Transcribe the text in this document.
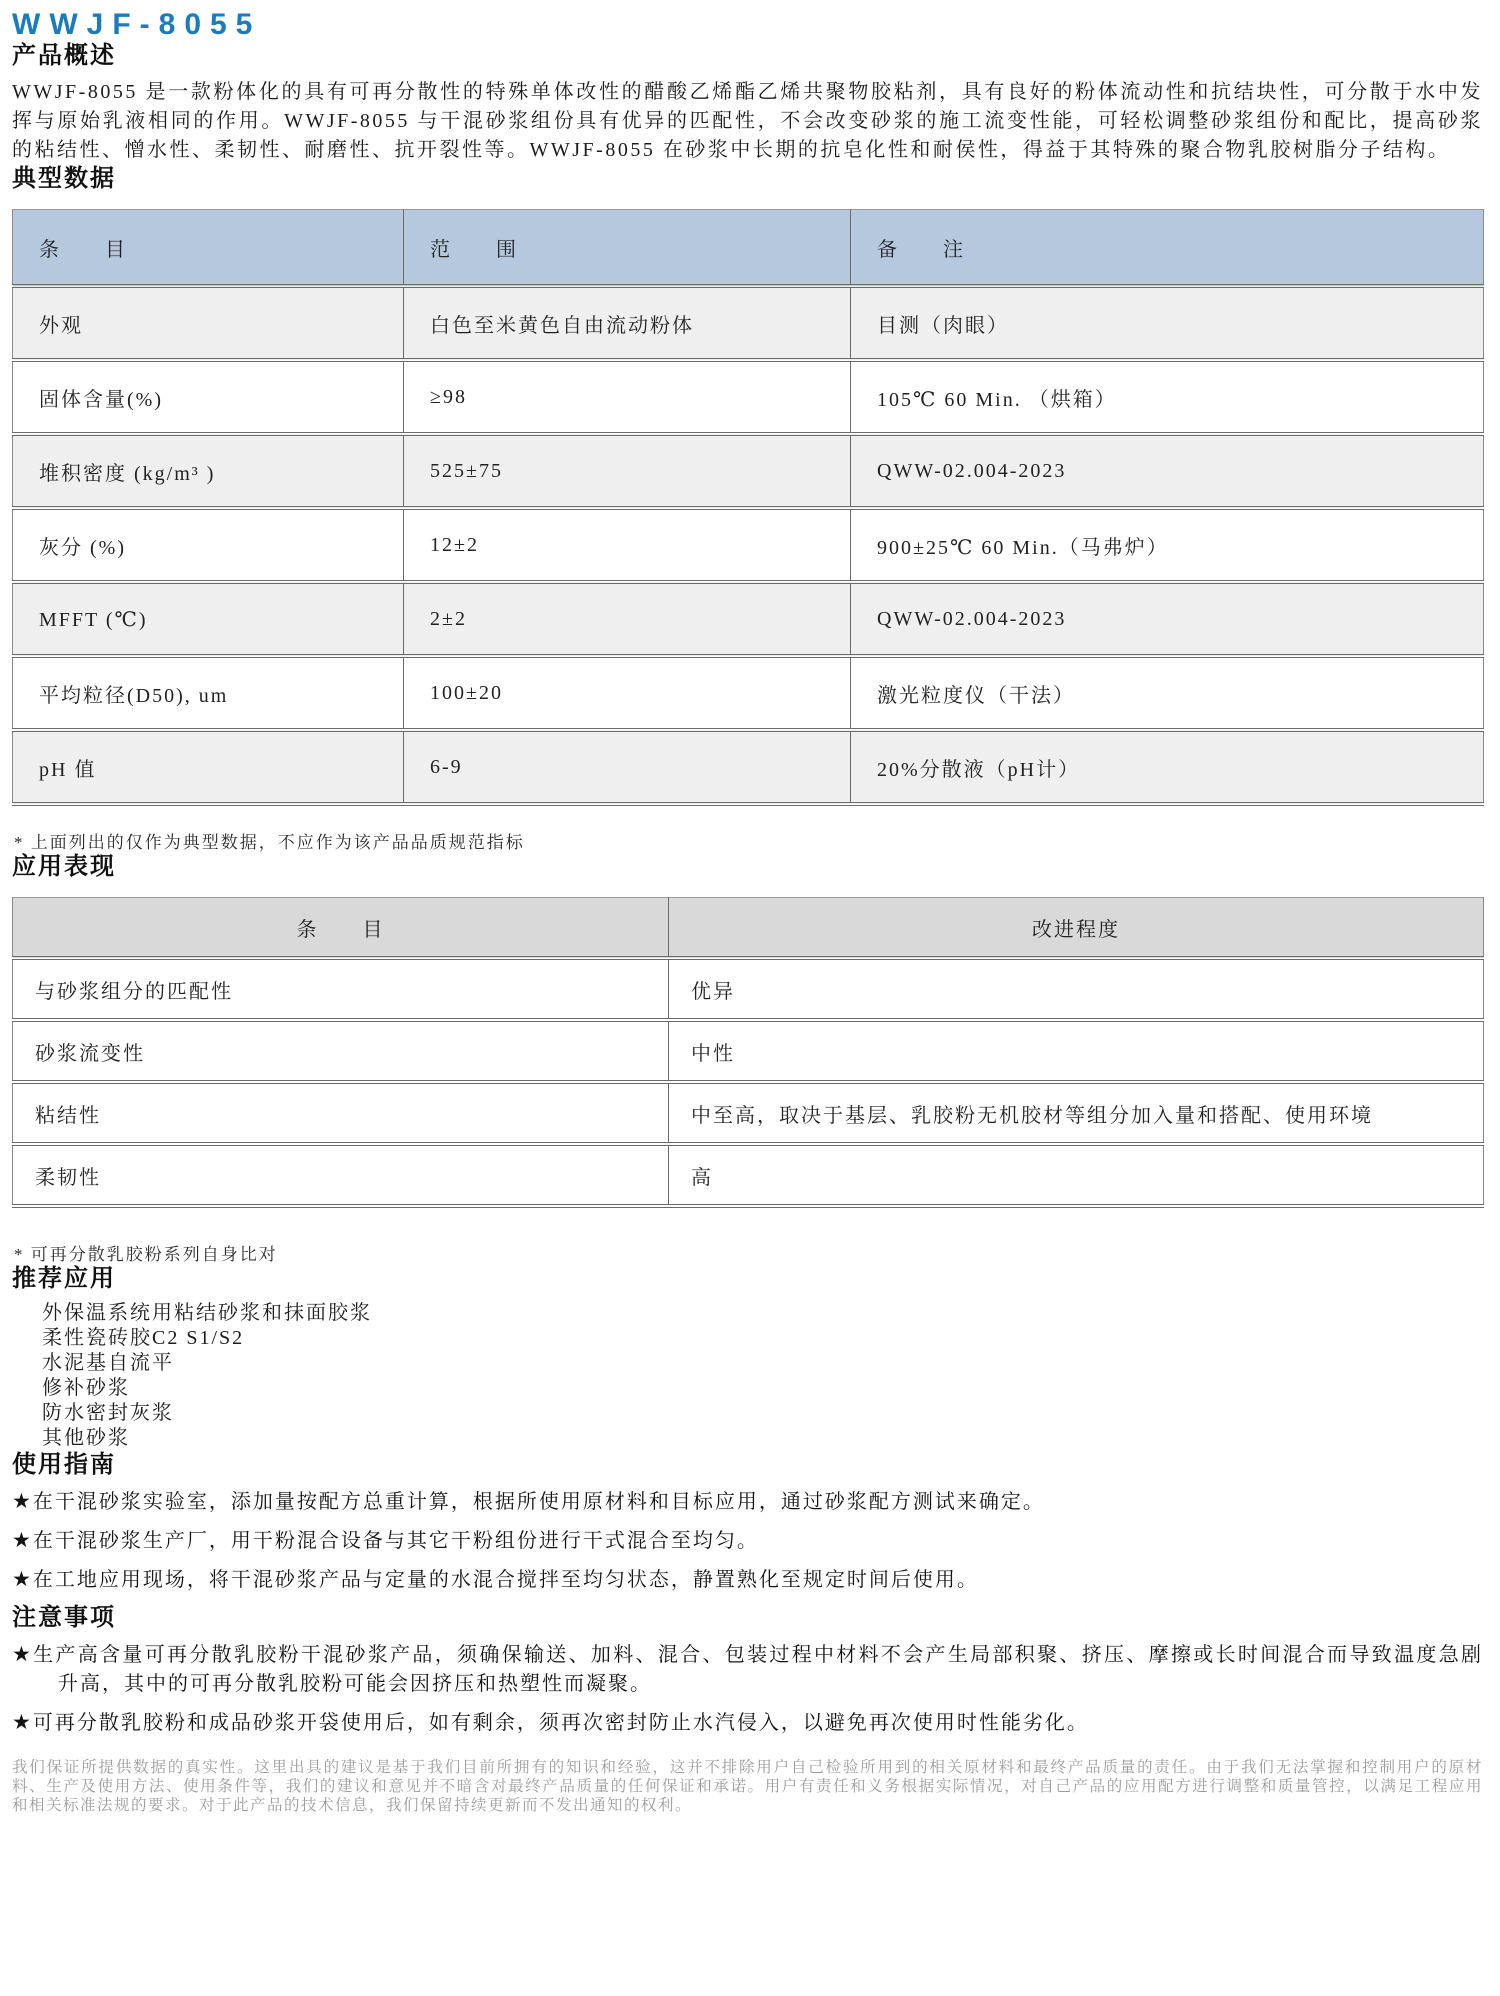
WWJF-8055
产品概述

WWJF-8055 是一款粉体化的具有可再分散性的特殊单体改性的醋酸乙烯酯乙烯共聚物胶粘剂，具有良好的粉体流动性和抗结块性，可分散于水中发挥与原始乳液相同的作用。WWJF-8055 与干混砂浆组份具有优异的匹配性，不会改变砂浆的施工流变性能，可轻松调整砂浆组份和配比，提高砂浆的粘结性、憎水性、柔韧性、耐磨性、抗开裂性等。WWJF-8055 在砂浆中长期的抗皂化性和耐侯性，得益于其特殊的聚合物乳胶树脂分子结构。

典型数据
条　　目	范　　围	备　　注
外观	白色至米黄色自由流动粉体	目测（肉眼）
固体含量(%)	≥98	105℃ 60 Min. （烘箱）
堆积密度 (kg/m³ )	525±75	QWW-02.004-2023
灰分 (%)	12±2	900±25℃ 60 Min.（马弗炉）
MFFT (℃)	2±2	QWW-02.004-2023
平均粒径(D50), um	100±20	激光粒度仪（干法）
pH 值	6-9	20%分散液（pH计）

* 上面列出的仅作为典型数据，不应作为该产品品质规范指标

应用表现
条　　目	改进程度
与砂浆组分的匹配性	优异
砂浆流变性	中性
粘结性	中至高，取决于基层、乳胶粉无机胶材等组分加入量和搭配、使用环境
柔韧性	高

* 可再分散乳胶粉系列自身比对

推荐应用
外保温系统用粘结砂浆和抹面胶浆
柔性瓷砖胶C2 S1/S2
水泥基自流平
修补砂浆
防水密封灰浆
其他砂浆
使用指南

★在干混砂浆实验室，添加量按配方总重计算，根据所使用原材料和目标应用，通过砂浆配方测试来确定。

★在干混砂浆生产厂，用干粉混合设备与其它干粉组份进行干式混合至均匀。

★在工地应用现场，将干混砂浆产品与定量的水混合搅拌至均匀状态，静置熟化至规定时间后使用。

注意事项

★生产高含量可再分散乳胶粉干混砂浆产品，须确保输送、加料、混合、包装过程中材料不会产生局部积聚、挤压、摩擦或长时间混合而导致温度急剧升高，其中的可再分散乳胶粉可能会因挤压和热塑性而凝聚。

★可再分散乳胶粉和成品砂浆开袋使用后，如有剩余，须再次密封防止水汽侵入，以避免再次使用时性能劣化。

我们保证所提供数据的真实性。这里出具的建议是基于我们目前所拥有的知识和经验，这并不排除用户自己检验所用到的相关原材料和最终产品质量的责任。由于我们无法掌握和控制用户的原材料、生产及使用方法、使用条件等，我们的建议和意见并不暗含对最终产品质量的任何保证和承诺。用户有责任和义务根据实际情况，对自己产品的应用配方进行调整和质量管控，以满足工程应用和相关标准法规的要求。对于此产品的技术信息，我们保留持续更新而不发出通知的权利。
